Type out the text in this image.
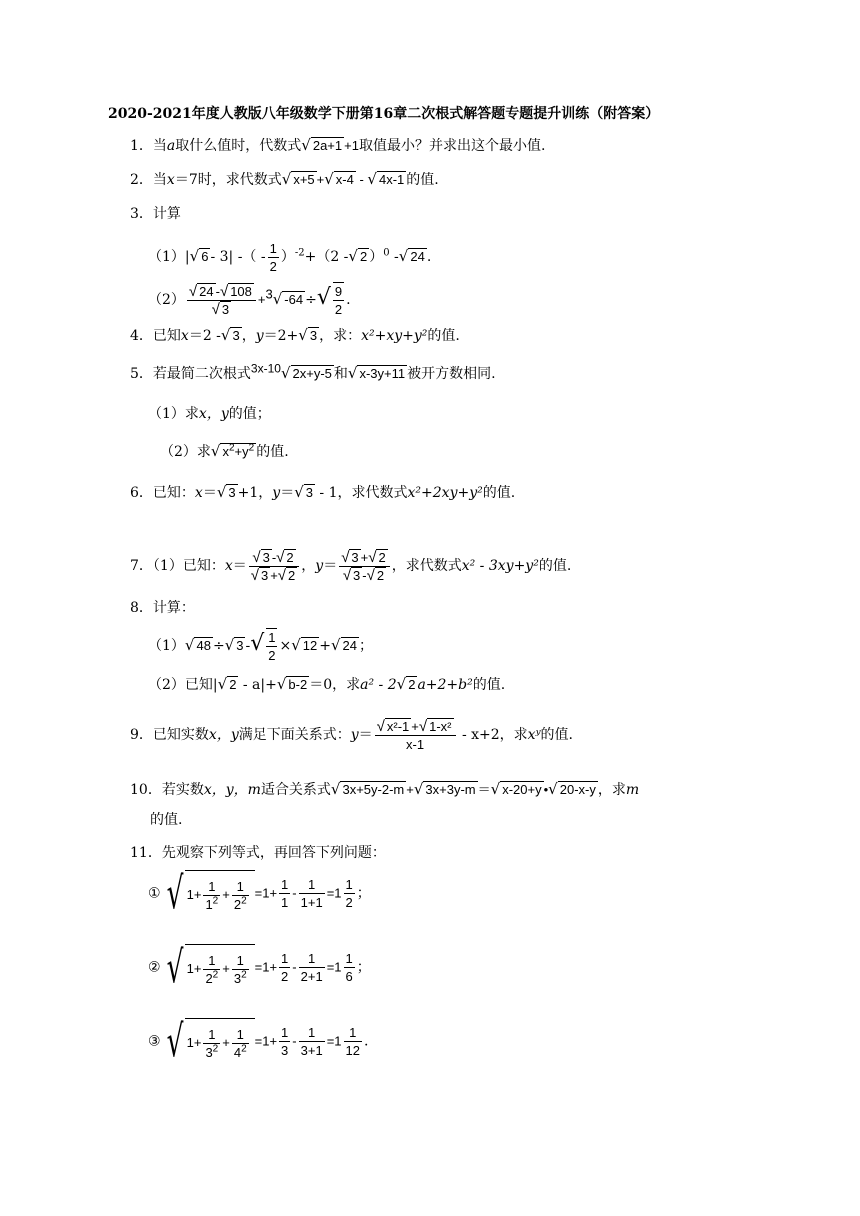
2020-2021年度人教版八年级数学下册第16章二次根式解答题专题提升训练（附答案）
1．当a取什么值时，代数式√ 2a+1 +1取值最小？并求出这个最小值.
2．当x＝7时，求代数式√ x+5 +√ x-4 - √ 4x-1 的值.
3．计算
（1）|√ 6 - 3| -（ - $\frac{1}{2} )^{-2}+(2$ -√ 2 ）$^0$ -√ 24 .
$(2) \frac{√ 24 -√ 108}{√ 3} +^3√$ -64 ÷√ $\frac{9}{2}$ .
4．已知x＝2 -√ 3 ，y＝2+√ 3 ，求：x²+xy+y²的值.
5．若最简二次根式$^{3x-10}$√ 2x+y-5 和√ x-3y+11 被开方数相同.
（1）求x，y的值；
（2）求√ $x^2+y^2$ 的值.
6．已知：x＝√ 3 +1，y＝√ 3 - 1，求代数式x²+2xy+y²的值.
7．（1）已知：$x= \frac{√ 3 -√ 2}{√ 3 +√ 2}$ ，$y= \frac{√ 3 +√ 2}{√ 3 -√ 2}$ ，求代数式x² - 3xy+y²的值.
8．计算：
（1）√ 48 ÷√ 3 -√ $\frac{1}{2}$ ×√ 12 +√ 24 ；
（2）已知|√ 2 - a|+√ b-2 ＝0，求a² - 2√ 2 a+2+b²的值.
9．已知实数x，y满足下面关系式：$y= \frac{\text{√ x²-1 +√ 1-x²}}{x-1} - x+2$，求xʸ的值.
10．若实数x，y，m适合关系式√ 3x+5y-2-m +√ 3x+3y-m ＝√ x-20+y •√ 20-x-y ，求m
的值.
11．先观察下列等式，再回答下列问题：
① √ $1+ \frac{1}{1^2} + \frac{1}{2^2} =1+ \frac{1}{1} - \frac{1}{1+1} =1 \frac{1}{2}$ ；
② √ $1+ \frac{1}{2^2} + \frac{1}{3^2} =1+ \frac{1}{2} - \frac{1}{2+1} =1 \frac{1}{6}$ ；
③ √ $1+ \frac{1}{3^2} + \frac{1}{4^2} =1+ \frac{1}{3} - \frac{1}{3+1} =1 \frac{1}{12}$ .
